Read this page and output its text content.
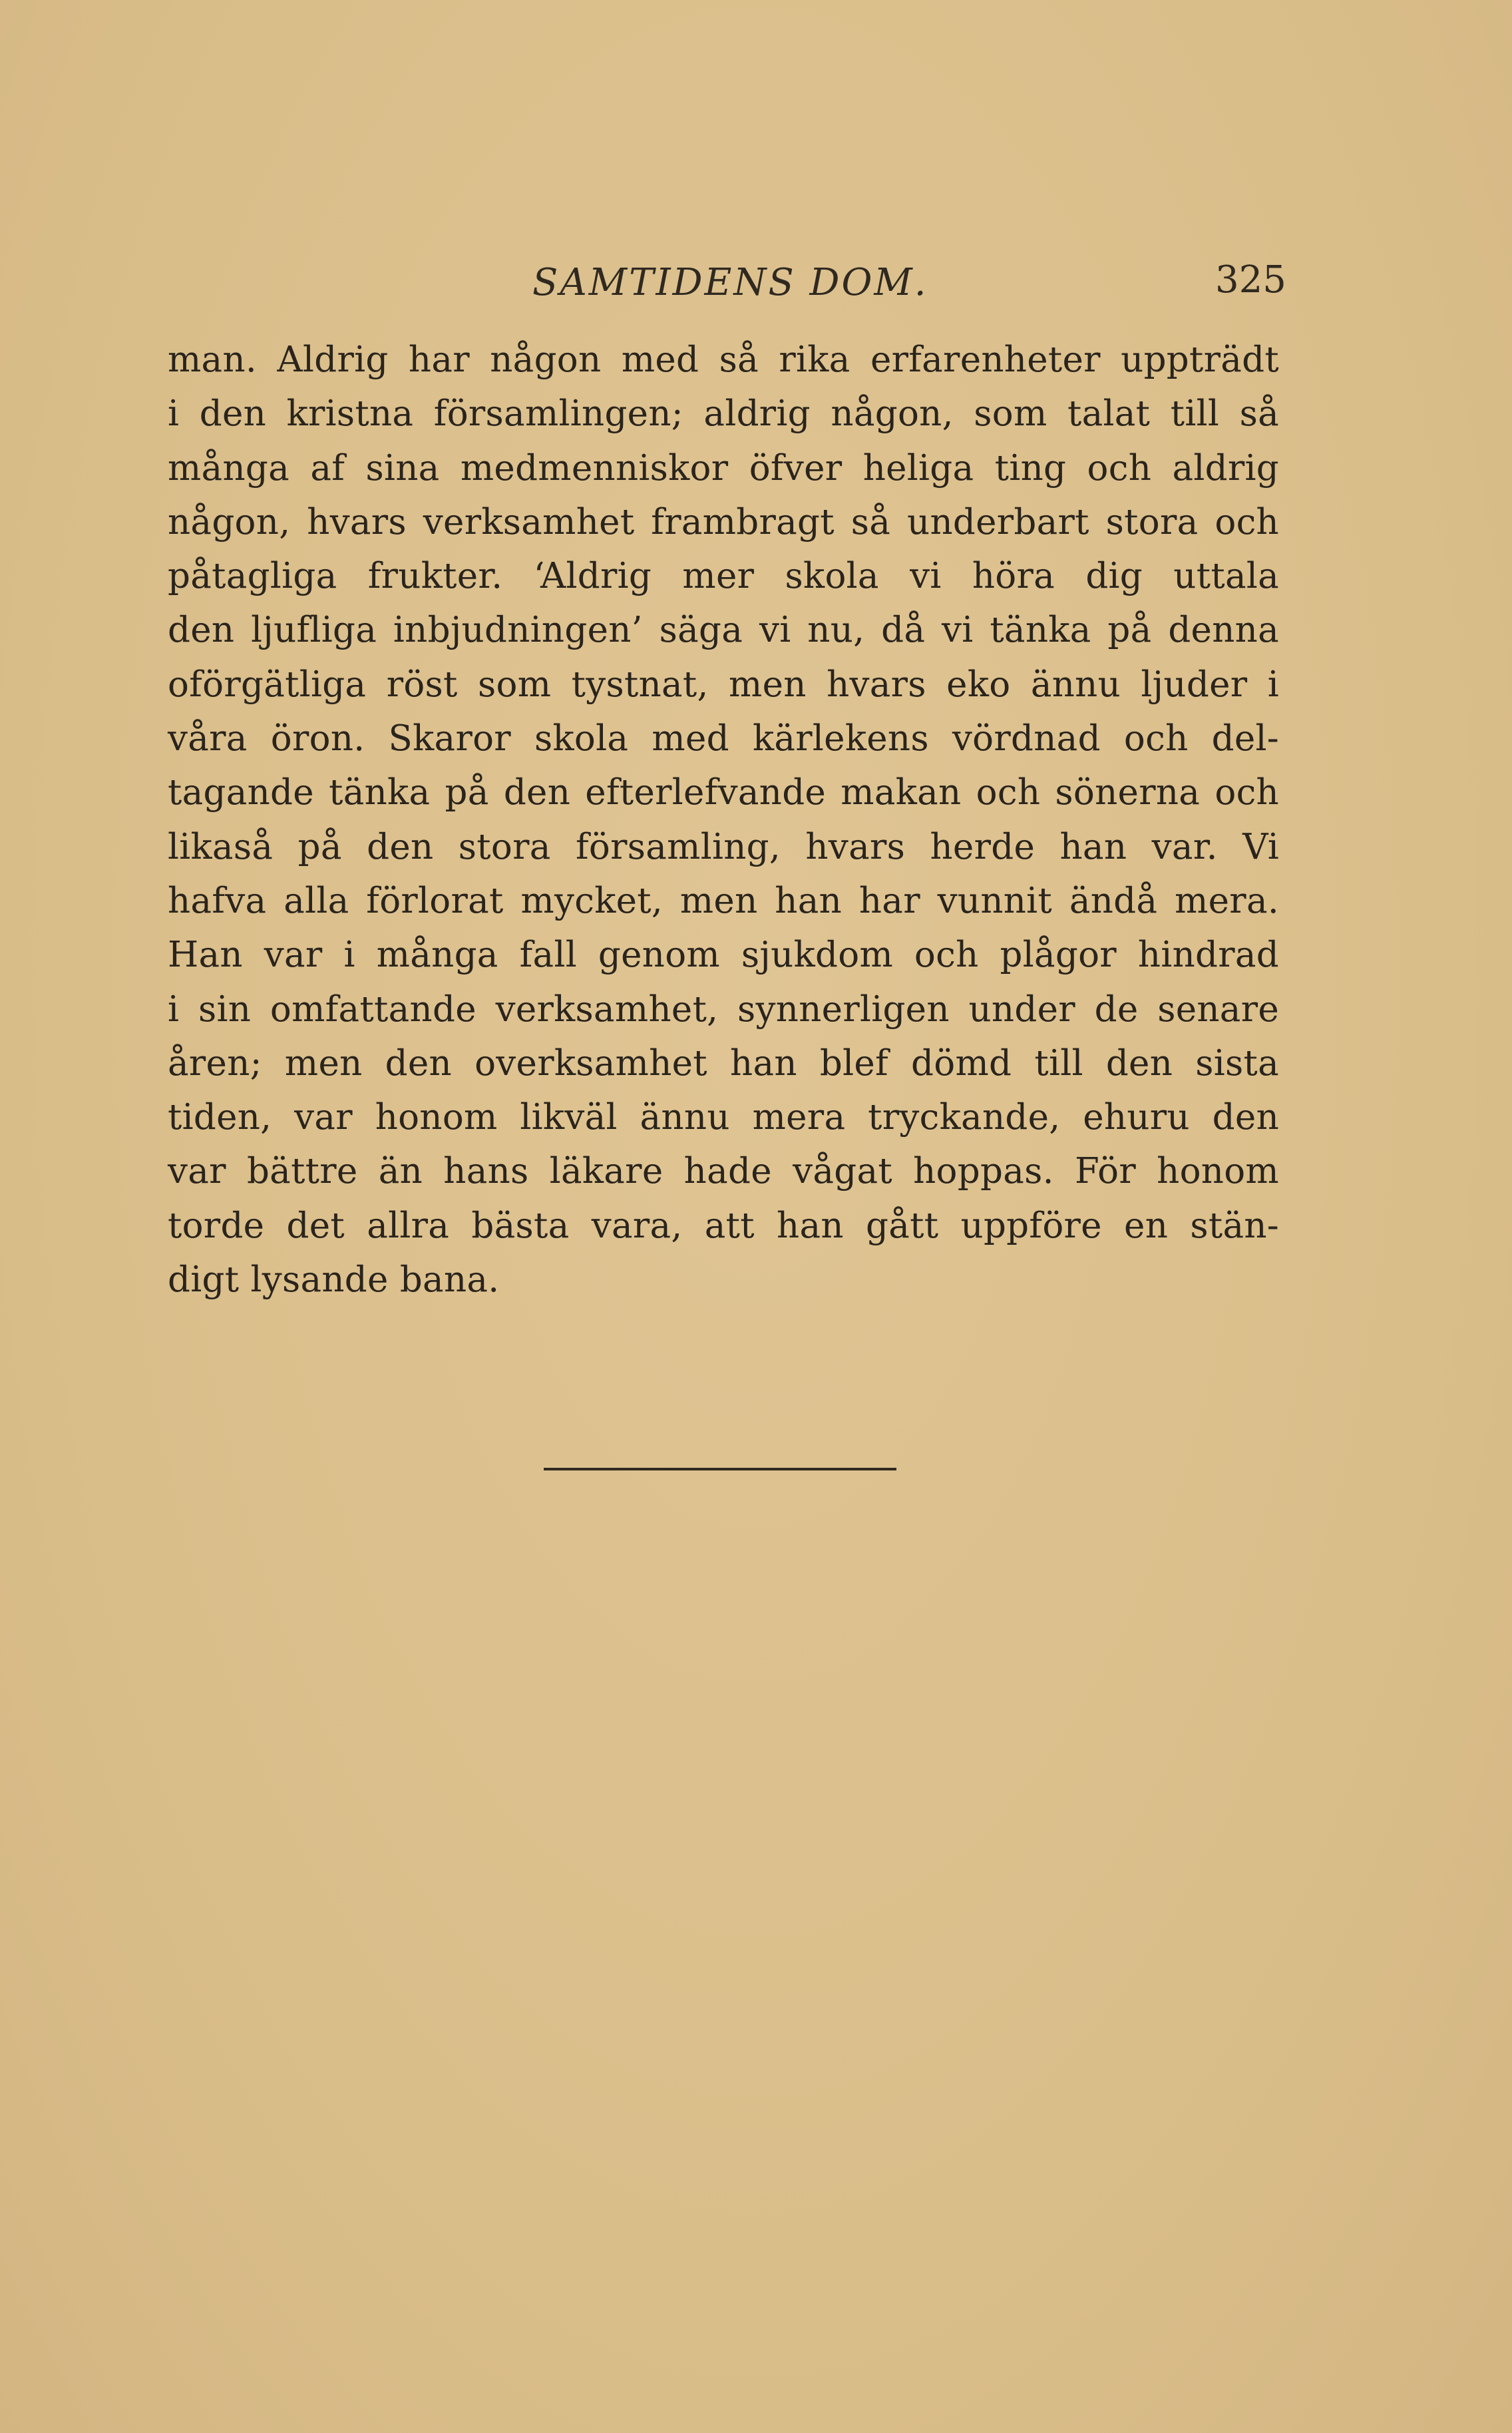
SAMTIDENS DOM.	325
man. Aldrig har någon med så rika erfarenheter uppträdt
i den kristna församlingen; aldrig någon, som talat till så
många af sina medmenniskor öfver heliga ting och aldrig
någon, hvars verksamhet frambragt så underbart stora och
påtagliga frukter. ‘Aldrig mer skola vi höra dig uttala
den ljufliga inbjudningen’ säga vi nu, då vi tänka på denna
oförgätliga röst som tystnat, men hvars eko ännu ljuder i
våra öron. Skaror skola med kärlekens vördnad och del-
tagande tänka på den efterlefvande makan och sönerna och
likaså på den stora församling, hvars herde han var. Vi
hafva alla förlorat mycket, men han har vunnit ändå mera.
Han var i många fall genom sjukdom och plågor hindrad
i sin omfattande verksamhet, synnerligen under de senare
åren; men den overksamhet han blef dömd till den sista
tiden, var honom likväl ännu mera tryckande, ehuru den
var bättre än hans läkare hade vågat hoppas. För honom
torde det allra bästa vara, att han gått uppföre en stän-
digt lysande bana.
